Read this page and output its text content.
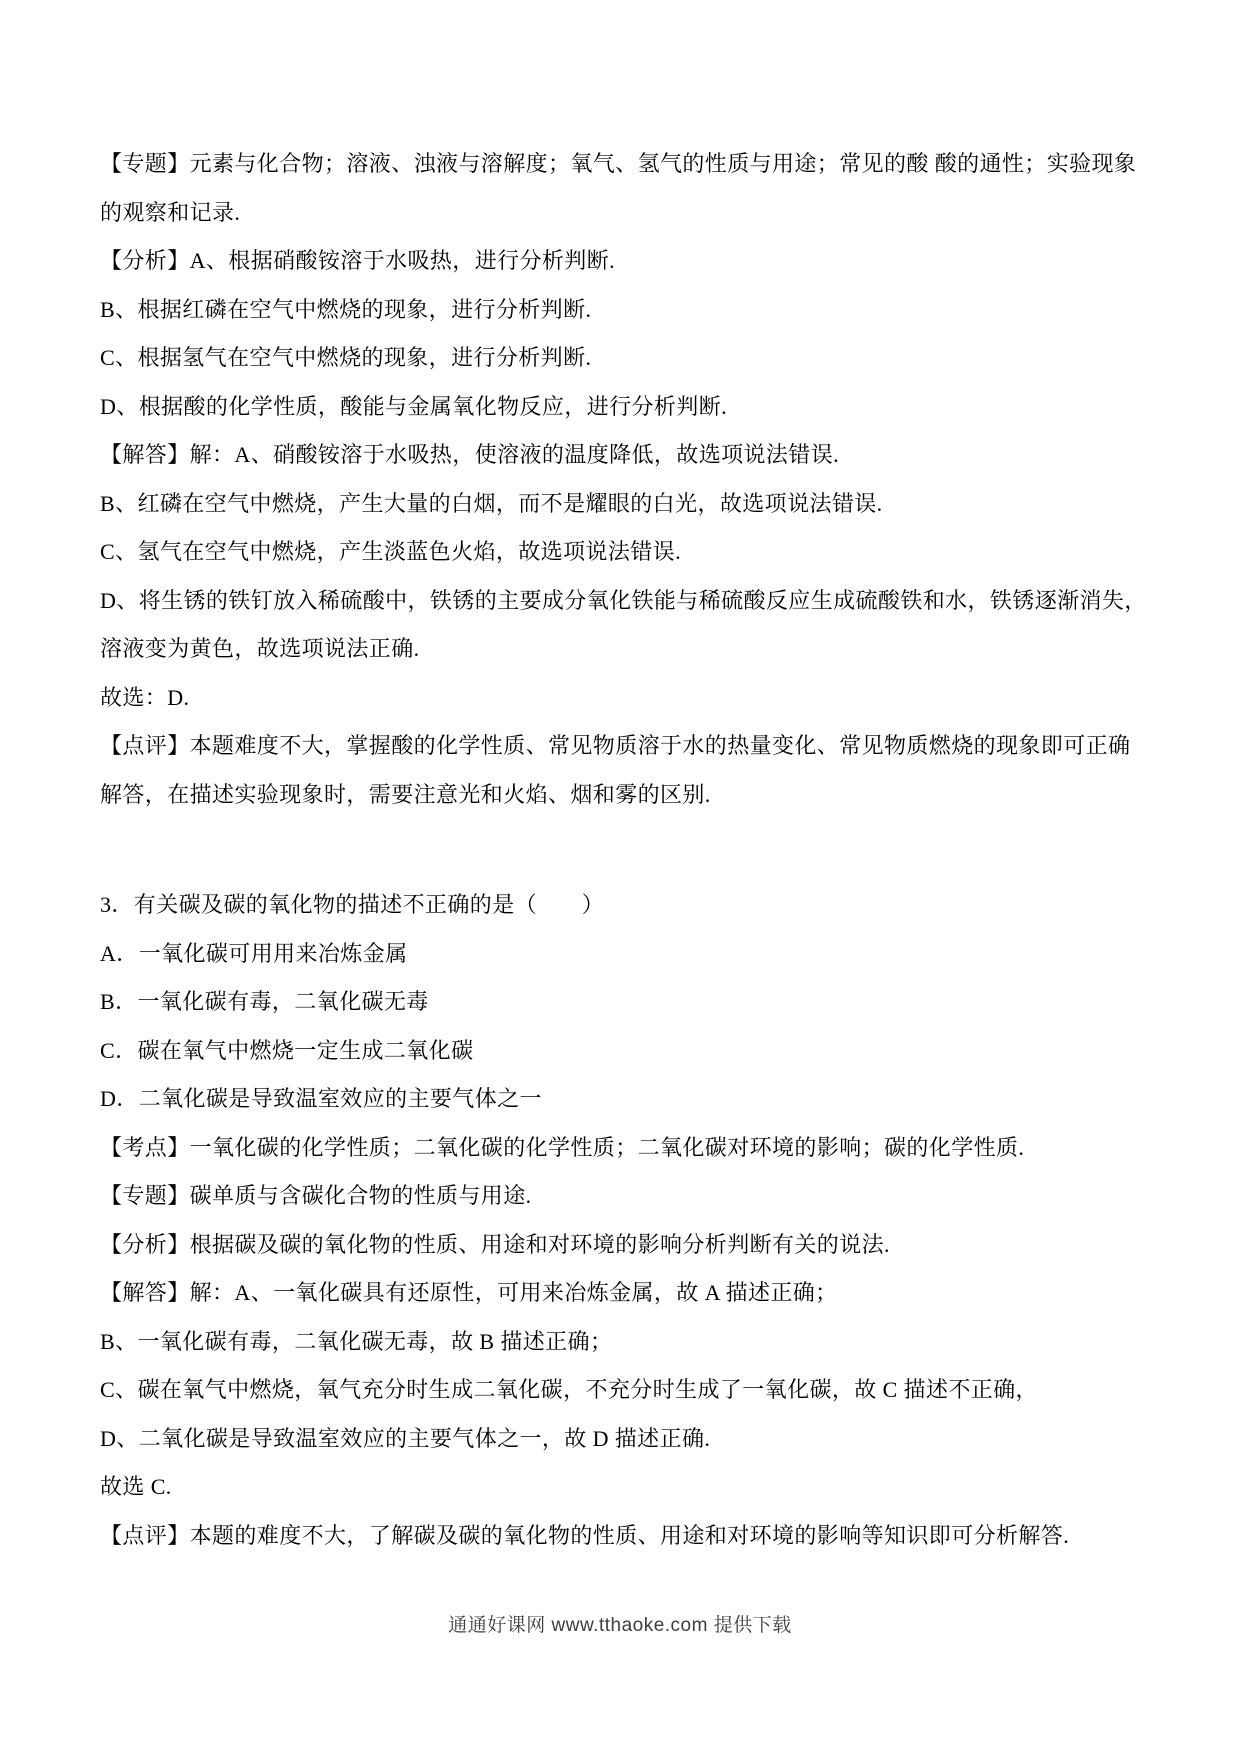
【专题】元素与化合物；溶液、浊液与溶解度；氧气、氢气的性质与用途；常见的酸 酸的通性；实验现象
的观察和记录.
【分析】A、根据硝酸铵溶于水吸热，进行分析判断.
B、根据红磷在空气中燃烧的现象，进行分析判断.
C、根据氢气在空气中燃烧的现象，进行分析判断.
D、根据酸的化学性质，酸能与金属氧化物反应，进行分析判断.
【解答】解：A、硝酸铵溶于水吸热，使溶液的温度降低，故选项说法错误.
B、红磷在空气中燃烧，产生大量的白烟，而不是耀眼的白光，故选项说法错误.
C、氢气在空气中燃烧，产生淡蓝色火焰，故选项说法错误.
D、将生锈的铁钉放入稀硫酸中，铁锈的主要成分氧化铁能与稀硫酸反应生成硫酸铁和水，铁锈逐渐消失，
溶液变为黄色，故选项说法正确.
故选：D.
【点评】本题难度不大，掌握酸的化学性质、常见物质溶于水的热量变化、常见物质燃烧的现象即可正确
解答，在描述实验现象时，需要注意光和火焰、烟和雾的区别.
3．有关碳及碳的氧化物的描述不正确的是（　　）
A．一氧化碳可用用来冶炼金属
B．一氧化碳有毒，二氧化碳无毒
C．碳在氧气中燃烧一定生成二氧化碳
D．二氧化碳是导致温室效应的主要气体之一
【考点】一氧化碳的化学性质；二氧化碳的化学性质；二氧化碳对环境的影响；碳的化学性质.
【专题】碳单质与含碳化合物的性质与用途.
【分析】根据碳及碳的氧化物的性质、用途和对环境的影响分析判断有关的说法.
【解答】解：A、一氧化碳具有还原性，可用来冶炼金属，故 A 描述正确；
B、一氧化碳有毒，二氧化碳无毒，故 B 描述正确；
C、碳在氧气中燃烧，氧气充分时生成二氧化碳，不充分时生成了一氧化碳，故 C 描述不正确，
D、二氧化碳是导致温室效应的主要气体之一，故 D 描述正确.
故选 C.
【点评】本题的难度不大，了解碳及碳的氧化物的性质、用途和对环境的影响等知识即可分析解答.
通通好课网 www.tthaoke.com 提供下载
